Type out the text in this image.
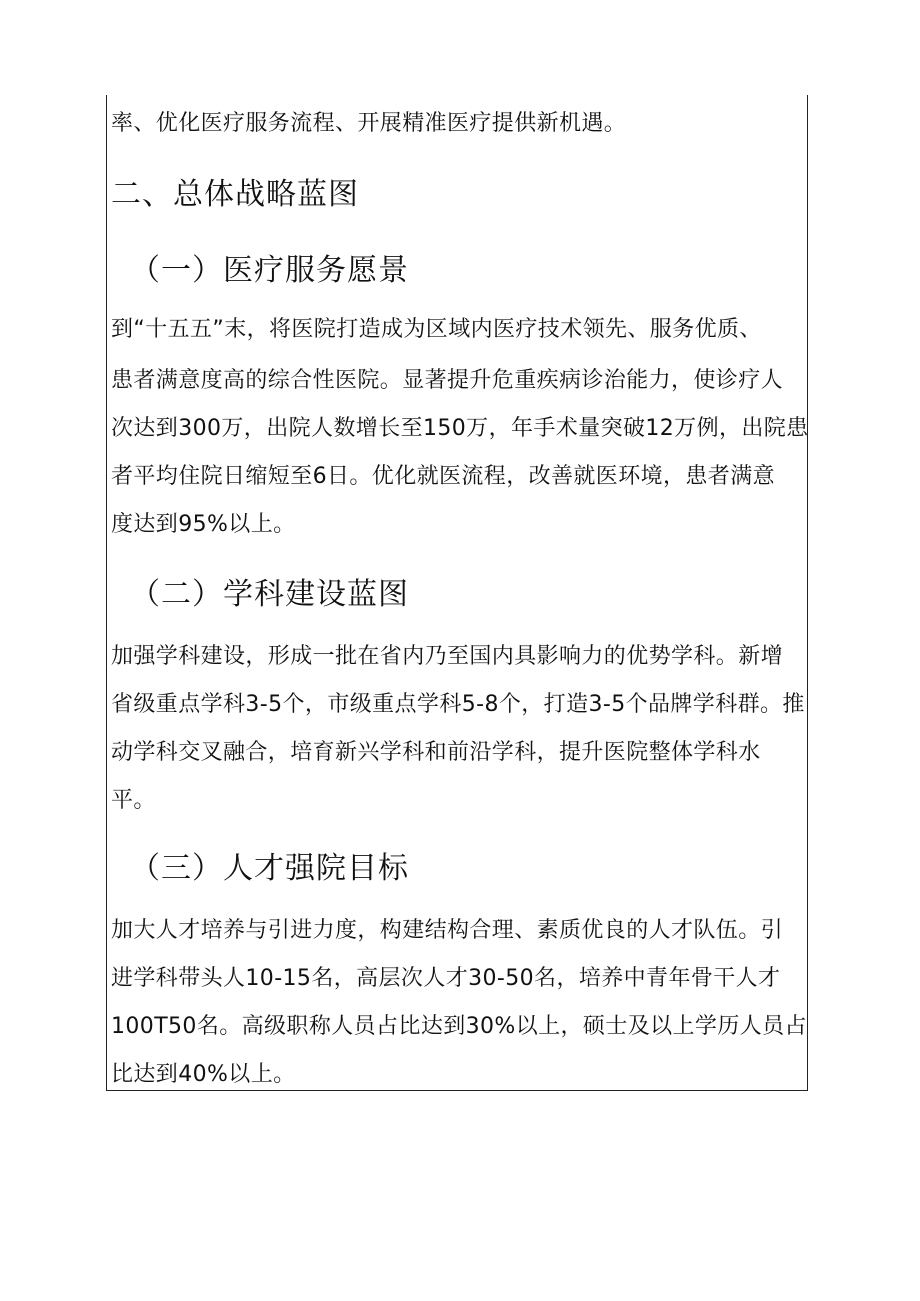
率、优化医疗服务流程、开展精准医疗提供新机遇。
二、总体战略蓝图
（一）医疗服务愿景
到“十五五”末，将医院打造成为区域内医疗技术领先、服务优质、
患者满意度高的综合性医院。显著提升危重疾病诊治能力，使诊疗人
次达到300万，出院人数增长至150万，年手术量突破12万例，出院患
者平均住院日缩短至6日。优化就医流程，改善就医环境，患者满意
度达到95%以上。
（二）学科建设蓝图
加强学科建设，形成一批在省内乃至国内具影响力的优势学科。新增
省级重点学科3-5个，市级重点学科5-8个，打造3-5个品牌学科群。推
动学科交叉融合，培育新兴学科和前沿学科，提升医院整体学科水
平。
（三）人才强院目标
加大人才培养与引进力度，构建结构合理、素质优良的人才队伍。引
进学科带头人10-15名，高层次人才30-50名，培养中青年骨干人才
100T50名。高级职称人员占比达到30%以上，硕士及以上学历人员占
比达到40%以上。
